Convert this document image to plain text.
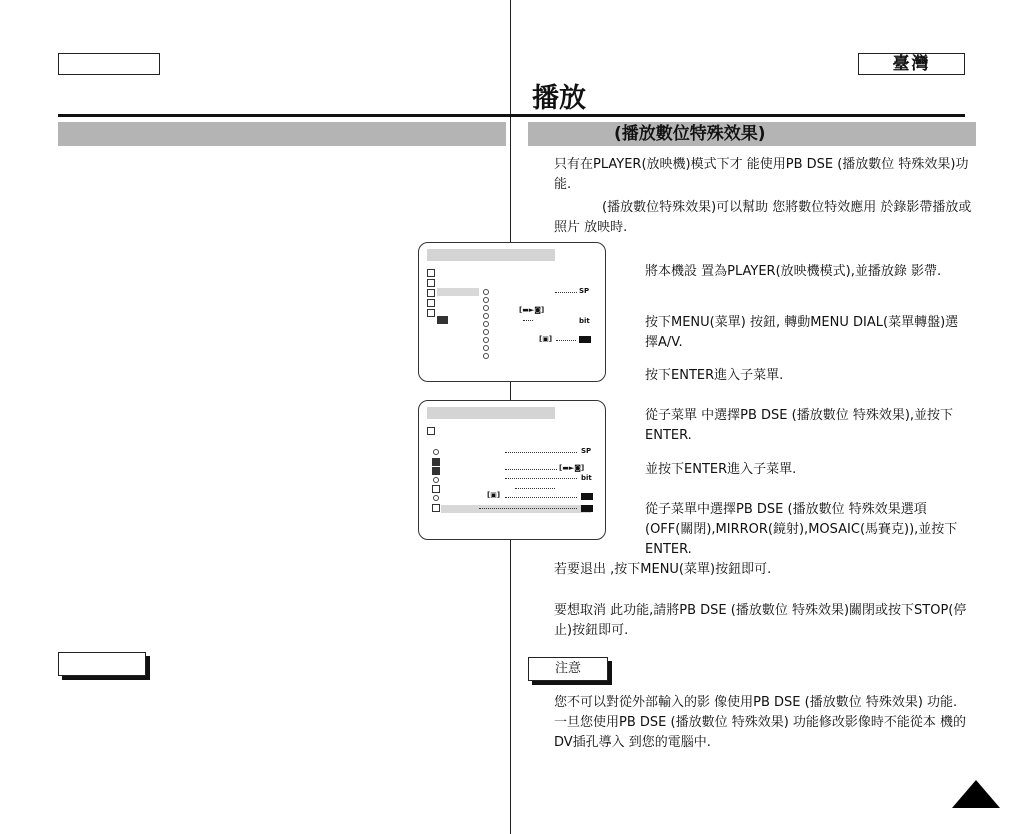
臺灣
播放
(播放數位特殊效果)
只有在PLAYER(放映機)模式下才 能使用PB DSE (播放數位 特殊效果)功能.
(播放數位特殊效果)可以幫助 您將數位特效應用 於錄影帶播放或照片 放映時.
SP
[▬►◙]
bit
[▣]
SP
[▬►◙]
bit
[▣]
將本機設 置為PLAYER(放映機模式),並播放錄 影帶.
按下MENU(菜單) 按鈕, 轉動MENU DIAL(菜單轉盤)選擇A/V.
按下ENTER進入子菜單.
從子菜單 中選擇PB DSE (播放數位 特殊效果),並按下ENTER.
並按下ENTER進入子菜單.
從子菜單中選擇PB DSE (播放數位 特殊效果選項(OFF(關閉),MIRROR(鏡射),MOSAIC(馬賽克)),並按下 ENTER.
若要退出 ,按下MENU(菜單)按鈕即可.
要想取消 此功能,請將PB DSE (播放數位 特殊效果)關閉或按下STOP(停止)按鈕即可.
注意
您不可以對從外部輸入的影 像使用PB DSE (播放數位 特殊效果) 功能. 一旦您使用PB DSE (播放數位 特殊效果) 功能修改影像時不能從本 機的DV插孔導入 到您的電腦中.
